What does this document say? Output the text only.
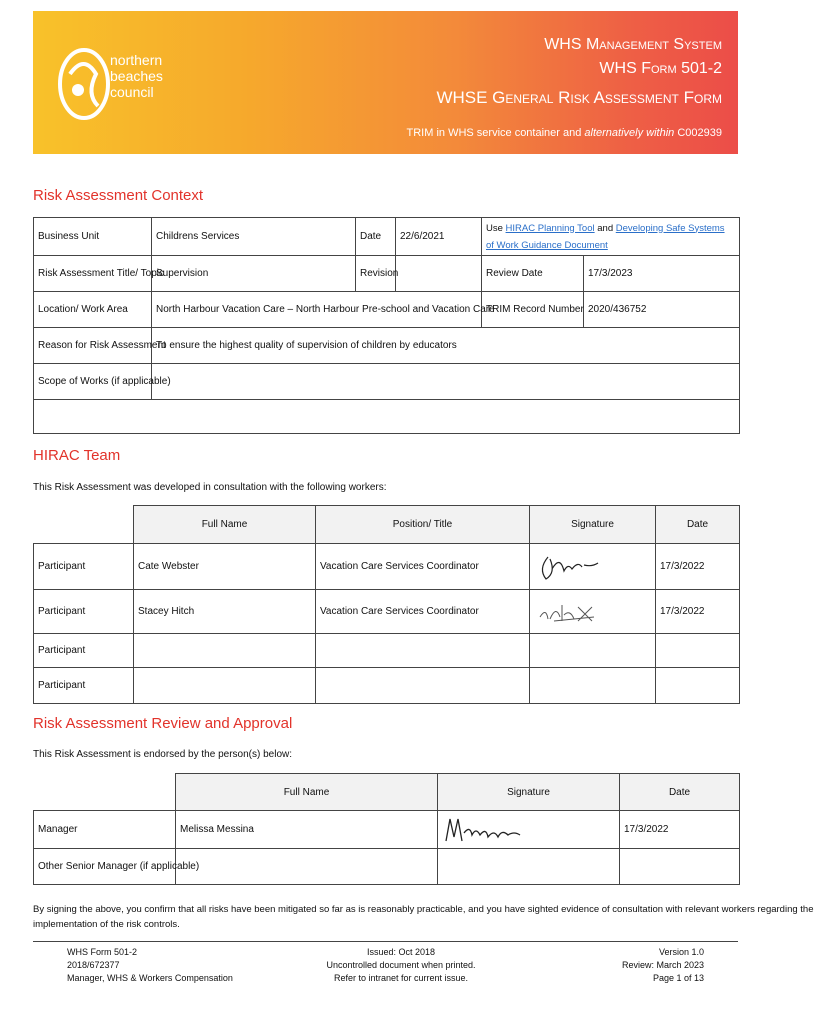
northern
beaches
council
WHS Management System
WHS Form 501-2
WHSE General Risk Assessment Form
TRIM in WHS service container and alternatively within C002939
Risk Assessment Context
Business Unit	Childrens Services	Date	22/6/2021	Use HIRAC Planning Tool and Developing Safe Systems of Work Guidance Document	
Risk Assessment Title/ Topic	Supervision	Revision		Review Date	17/3/2023
Location/ Work Area	North Harbour Vacation Care – North Harbour Pre-school and Vacation Care			TRIM Record Number	2020/436752
Reason for Risk Assessment	To ensure the highest quality of supervision of children by educators				
Scope of Works (if applicable)					

HIRAC Team
This Risk Assessment was developed in consultation with the following workers:
	Full Name	Position/ Title	Signature	Date
Participant	Cate Webster	Vacation Care Services Coordinator		17/3/2022
Participant	Stacey Hitch	Vacation Care Services Coordinator		17/3/2022
Participant				
Participant				
Risk Assessment Review and Approval
This Risk Assessment is endorsed by the person(s) below:
	Full Name	Signature	Date
Manager	Melissa Messina		17/3/2022
Other Senior Manager (if applicable)			
By signing the above, you confirm that all risks have been mitigated so far as is reasonably practicable, and you have sighted evidence of consultation with relevant workers regarding the
implementation of the risk controls.
WHS Form 501-2
2018/672377
Manager, WHS & Workers Compensation
Issued: Oct 2018
Uncontrolled document when printed.
Refer to intranet for current issue.
Version 1.0
Review: March 2023
Page 1 of 13
